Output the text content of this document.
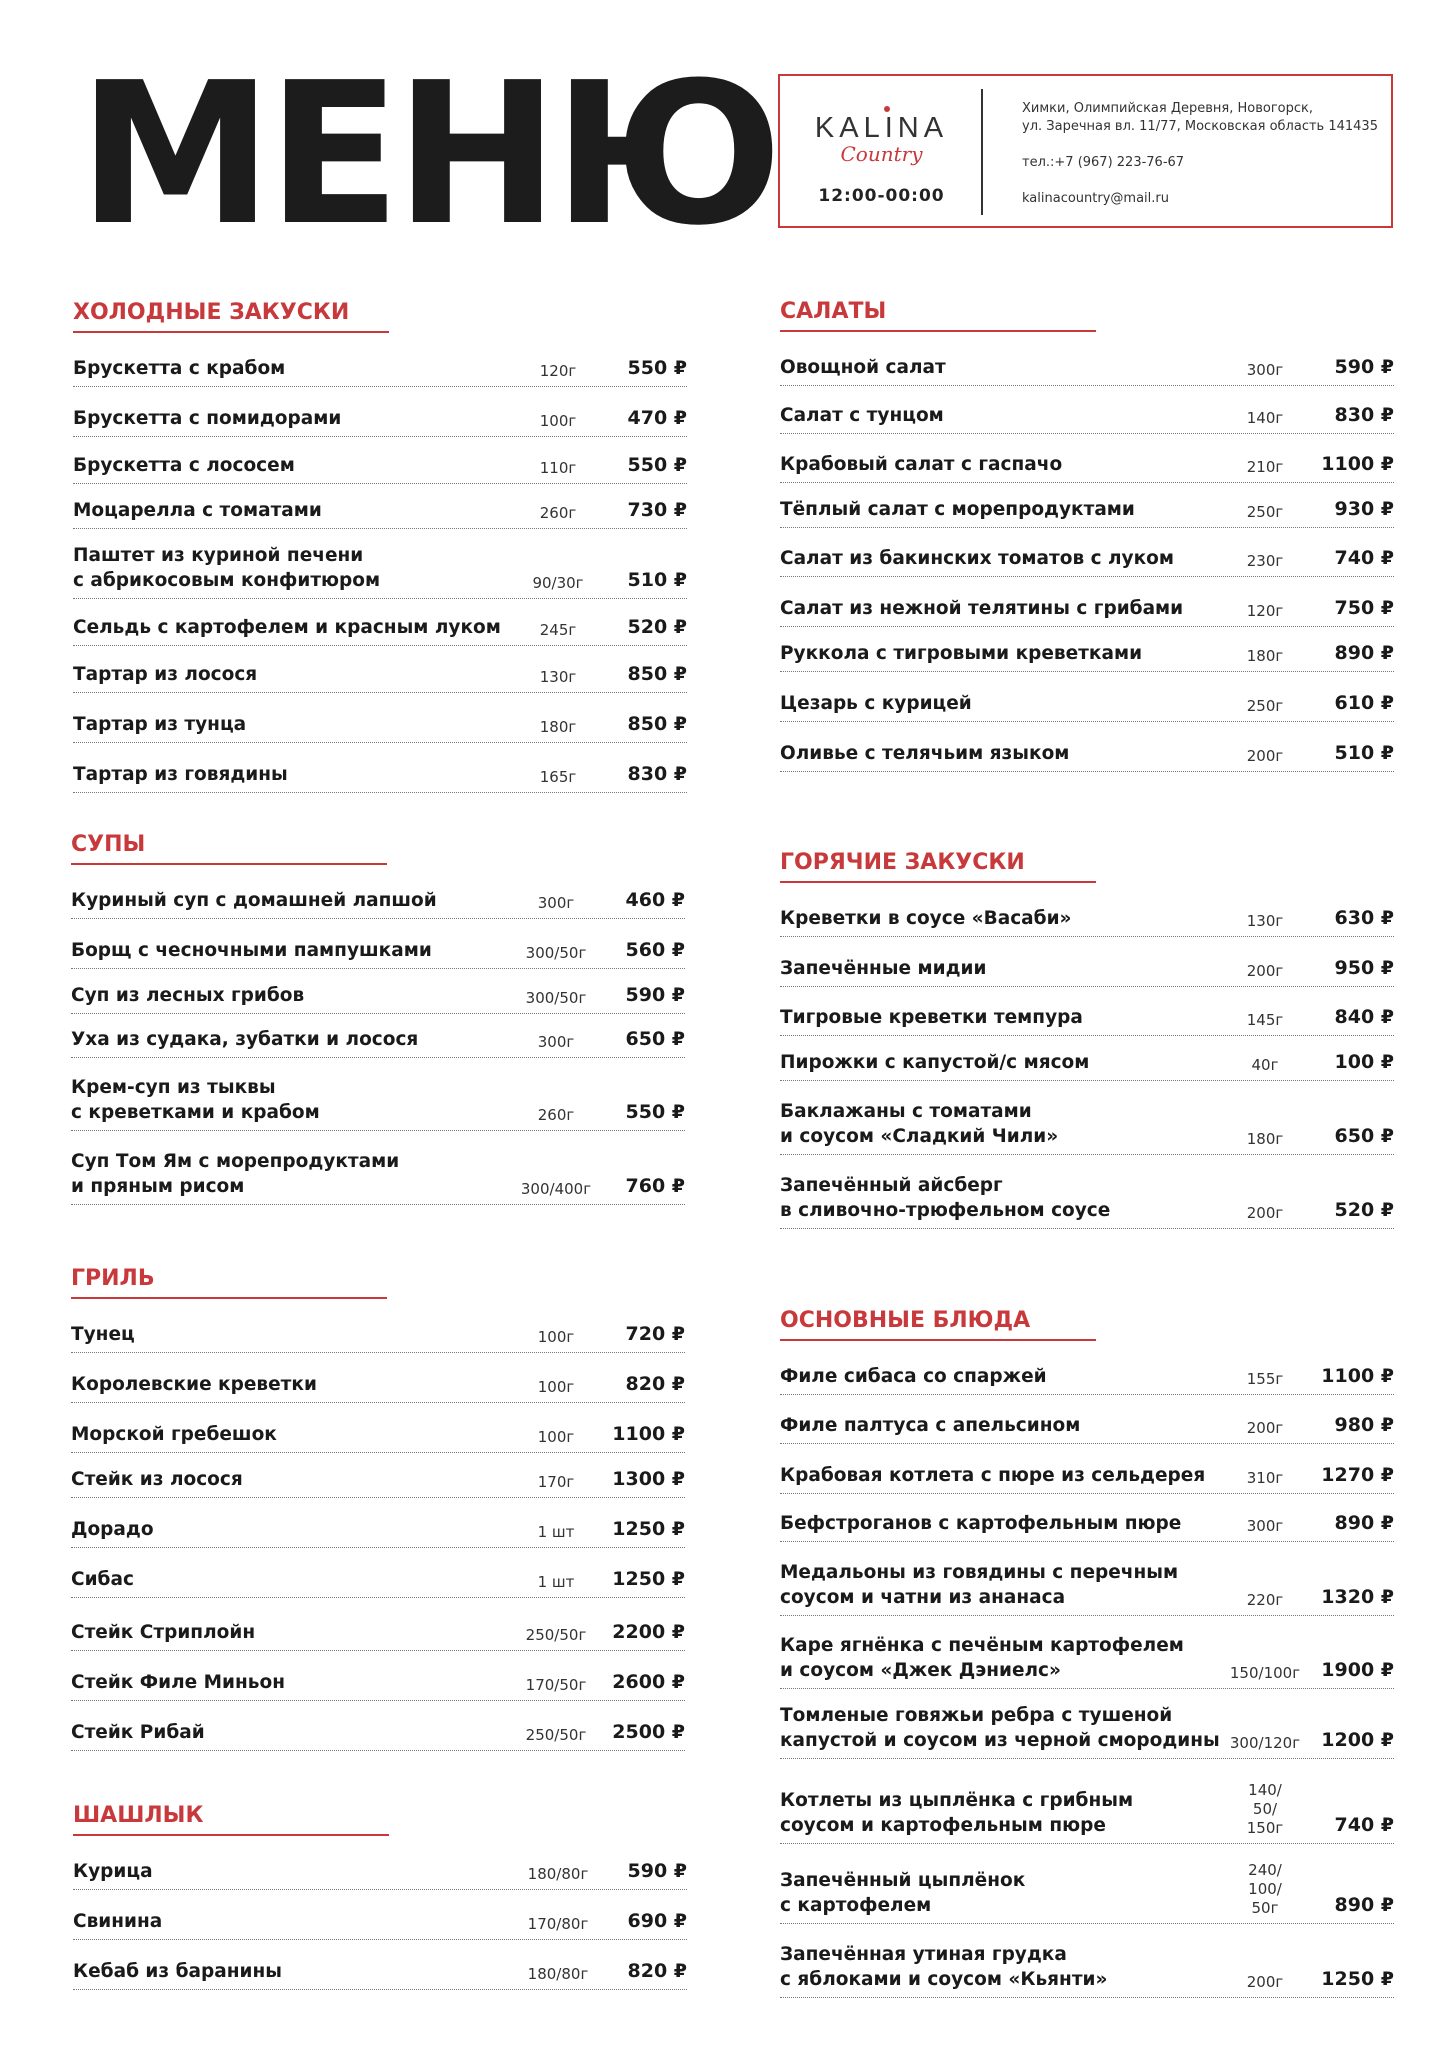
МЕНЮ	KALINA
Country
12:00-00:00
Химки, Олимпийская Деревня, Новогорск,
ул. Заречная вл. 11/77, Московская область 141435
тел.:+7 (967) 223-76-67
kalinacountry@mail.ru
ХОЛОДНЫЕ ЗАКУСКИ
Брускетта с крабом	120г	550 ₽
Брускетта с помидорами	100г	470 ₽
Брускетта с лососем	110г	550 ₽
Моцарелла с томатами	260г	730 ₽
Паштет из куриной печени
с абрикосовым конфитюром	90/30г	510 ₽
Сельдь с картофелем и красным луком	245г	520 ₽
Тартар из лосося	130г	850 ₽
Тартар из тунца	180г	850 ₽
Тартар из говядины	165г	830 ₽
СУПЫ
Куриный суп с домашней лапшой	300г	460 ₽
Борщ с чесночными пампушками	300/50г	560 ₽
Суп из лесных грибов	300/50г	590 ₽
Уха из судака, зубатки и лосося	300г	650 ₽
Крем-суп из тыквы
с креветками и крабом	260г	550 ₽
Суп Том Ям с морепродуктами
и пряным рисом	300/400г	760 ₽
ГРИЛЬ
Тунец	100г	720 ₽
Королевские креветки	100г	820 ₽
Морской гребешок	100г	1100 ₽
Стейк из лосося	170г	1300 ₽
Дорадо	1 шт	1250 ₽
Сибас	1 шт	1250 ₽
Стейк Стриплойн	250/50г	2200 ₽
Стейк Филе Миньон	170/50г	2600 ₽
Стейк Рибай	250/50г	2500 ₽
ШАШЛЫК
Курица	180/80г	590 ₽
Свинина	170/80г	690 ₽
Кебаб из баранины	180/80г	820 ₽
САЛАТЫ
Овощной салат	300г	590 ₽
Салат с тунцом	140г	830 ₽
Крабовый салат с гаспачо	210г	1100 ₽
Тёплый салат с морепродуктами	250г	930 ₽
Салат из бакинских томатов с луком	230г	740 ₽
Салат из нежной телятины с грибами	120г	750 ₽
Руккола с тигровыми креветками	180г	890 ₽
Цезарь с курицей	250г	610 ₽
Оливье с телячьим языком	200г	510 ₽
ГОРЯЧИЕ ЗАКУСКИ
Креветки в соусе «Васаби»	130г	630 ₽
Запечённые мидии	200г	950 ₽
Тигровые креветки темпура	145г	840 ₽
Пирожки с капустой/с мясом	40г	100 ₽
Баклажаны с томатами
и соусом «Сладкий Чили»	180г	650 ₽
Запечённый айсберг
в сливочно-трюфельном соусе	200г	520 ₽
ОСНОВНЫЕ БЛЮДА
Филе сибаса со спаржей	155г	1100 ₽
Филе палтуса с апельсином	200г	980 ₽
Крабовая котлета с пюре из сельдерея	310г	1270 ₽
Бефстроганов с картофельным пюре	300г	890 ₽
Медальоны из говядины с перечным
соусом и чатни из ананаса	220г	1320 ₽
Каре ягнёнка с печёным картофелем
и соусом «Джек Дэниелс»	150/100г	1900 ₽
Томленые говяжьи ребра с тушеной
капустой и соусом из черной смородины 300/120г	1200 ₽
Котлеты из цыплёнка с грибным
соусом и картофельным пюре
140/
50/
150г	740 ₽
Запечённый цыплёнок
с картофелем
240/
100/
50г	890 ₽
Запечённая утиная грудка
с яблоками и соусом «Кьянти»	200г	1250 ₽
